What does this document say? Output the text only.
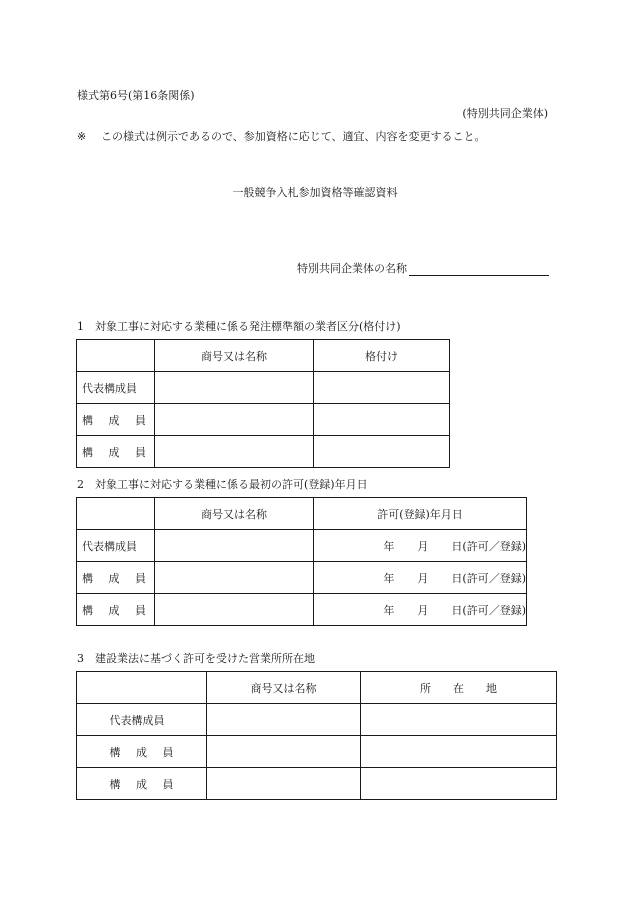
様式第6号(第16条関係)
(特別共同企業体)
※ この様式は例示であるので、参加資格に応じて、適宜、内容を変更すること。
一般競争入札参加資格等確認資料
特別共同企業体の名称
1　対象工事に対応する業種に係る発注標準額の業者区分(格付け)
	商号又は名称	格付け
代表構成員		

構 成 員		

構 成 員		

2　対象工事に対応する業種に係る最初の許可(登録)年月日
	商号又は名称	許可(登録)年月日
代表構成員		年 月 日(許可／登録)

構 成 員		年 月 日(許可／登録)

構 成 員		年 月 日(許可／登録)
3　建設業法に基づく許可を受けた営業所所在地
	商号又は名称	所　　在　　地
代表構成員		

構 成 員		

構 成 員		
